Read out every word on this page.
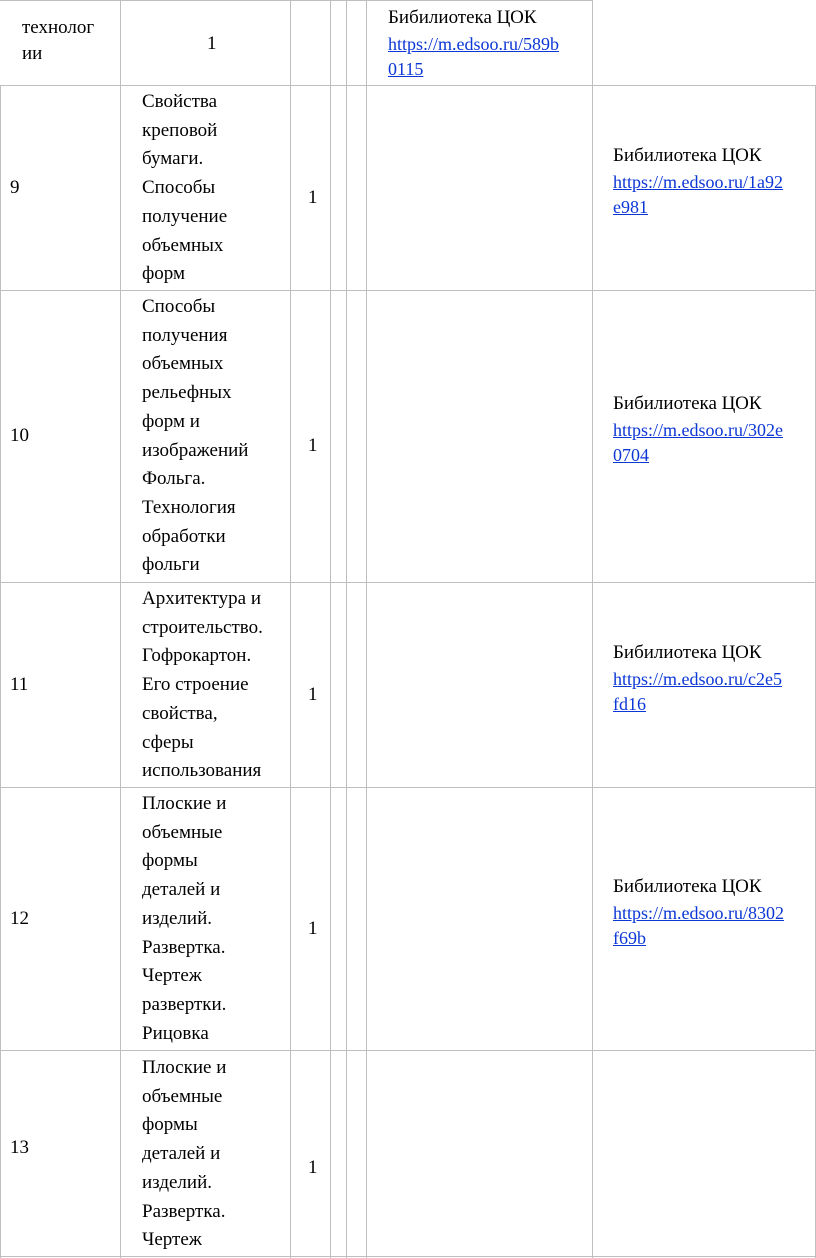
технолог
ии	1
Бибилиотека ЦОК
https://m.edsoo.ru/589b
0115
9
Свойства
креповой
бумаги.
Способы
получение
объемных
форм
1
Бибилиотека ЦОК
https://m.edsoo.ru/1a92
e981
10
Способы
получения
объемных
рельефных
форм и
изображений
Фольга.
Технология
обработки
фольги
1
Бибилиотека ЦОК
https://m.edsoo.ru/302e
0704
11
Архитектура и
строительство.
Гофрокартон.
Его строение
свойства,
сферы
использования
1
Бибилиотека ЦОК
https://m.edsoo.ru/c2e5
fd16
12
Плоские и
объемные
формы
деталей и
изделий.
Развертка.
Чертеж
развертки.
Рицовка
1
Бибилиотека ЦОК
https://m.edsoo.ru/8302
f69b
13
Плоские и
объемные
формы
деталей и
изделий.
Развертка.
Чертеж
1
